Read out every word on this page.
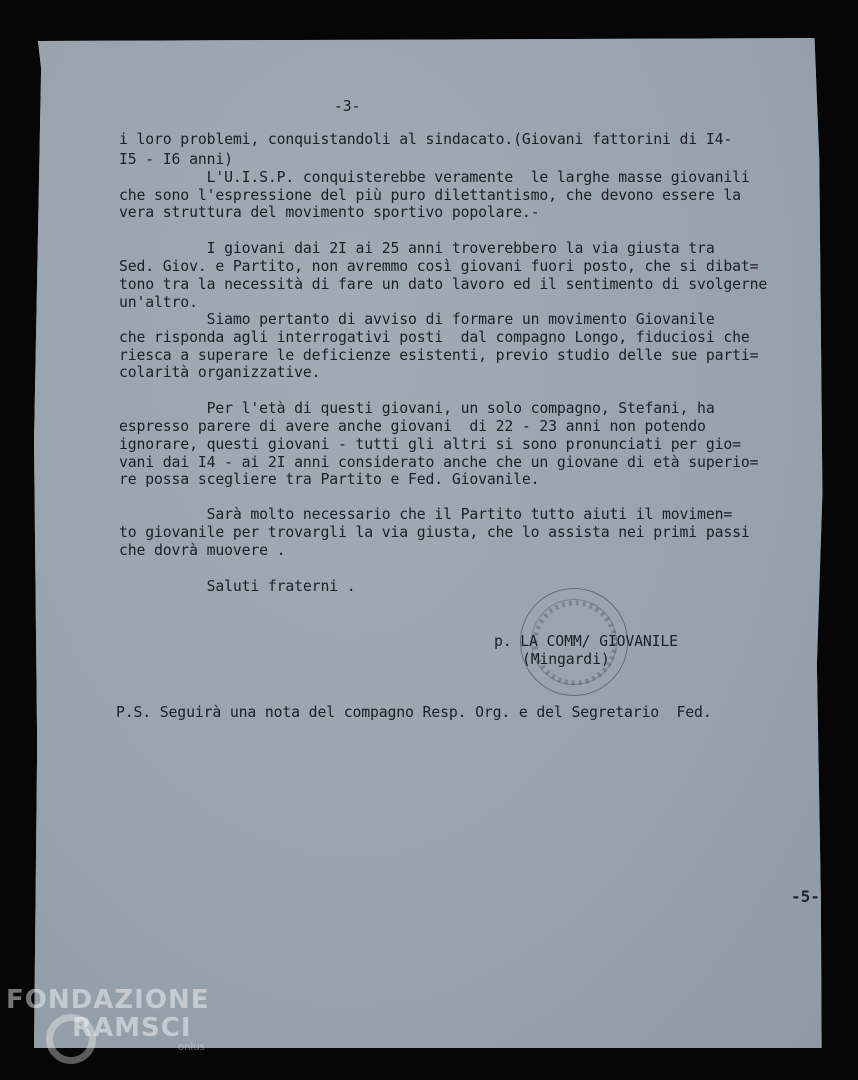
-3-
i loro problemi, conquistandoli al sindacato.(Giovani fattorini di I4-
I5 - I6 anni)
L'U.I.S.P. conquisterebbe veramente  le larghe masse giovanili
che sono l'espressione del più puro dilettantismo, che devono essere la
vera struttura del movimento sportivo popolare.-
I giovani dai 2I ai 25 anni troverebbero la via giusta tra
Sed. Giov. e Partito, non avremmo così giovani fuori posto, che si dibat=
tono tra la necessità di fare un dato lavoro ed il sentimento di svolgerne
un'altro.
Siamo pertanto di avviso di formare un movimento Giovanile
che risponda agli interrogativi posti  dal compagno Longo, fiduciosi che
riesca a superare le deficienze esistenti, previo studio delle sue parti=
colarità organizzative.
Per l'età di questi giovani, un solo compagno, Stefani, ha
espresso parere di avere anche giovani  di 22 - 23 anni non potendo
ignorare, questi giovani - tutti gli altri si sono pronunciati per gio=
vani dai I4 - ai 2I anni considerato anche che un giovane di età superio=
re possa scegliere tra Partito e Fed. Giovanile.
Sarà molto necessario che il Partito tutto aiuti il movimen=
to giovanile per trovargli la via giusta, che lo assista nei primi passi
che dovrà muovere .
Saluti fraterni .
p. LA COMM/ GIOVANILE
(Mingardi)
P.S. Seguirà una nota del compagno Resp. Org. e del Segretario  Fed.
-5-
FONDAZIONE
RAMSCI
onlus
